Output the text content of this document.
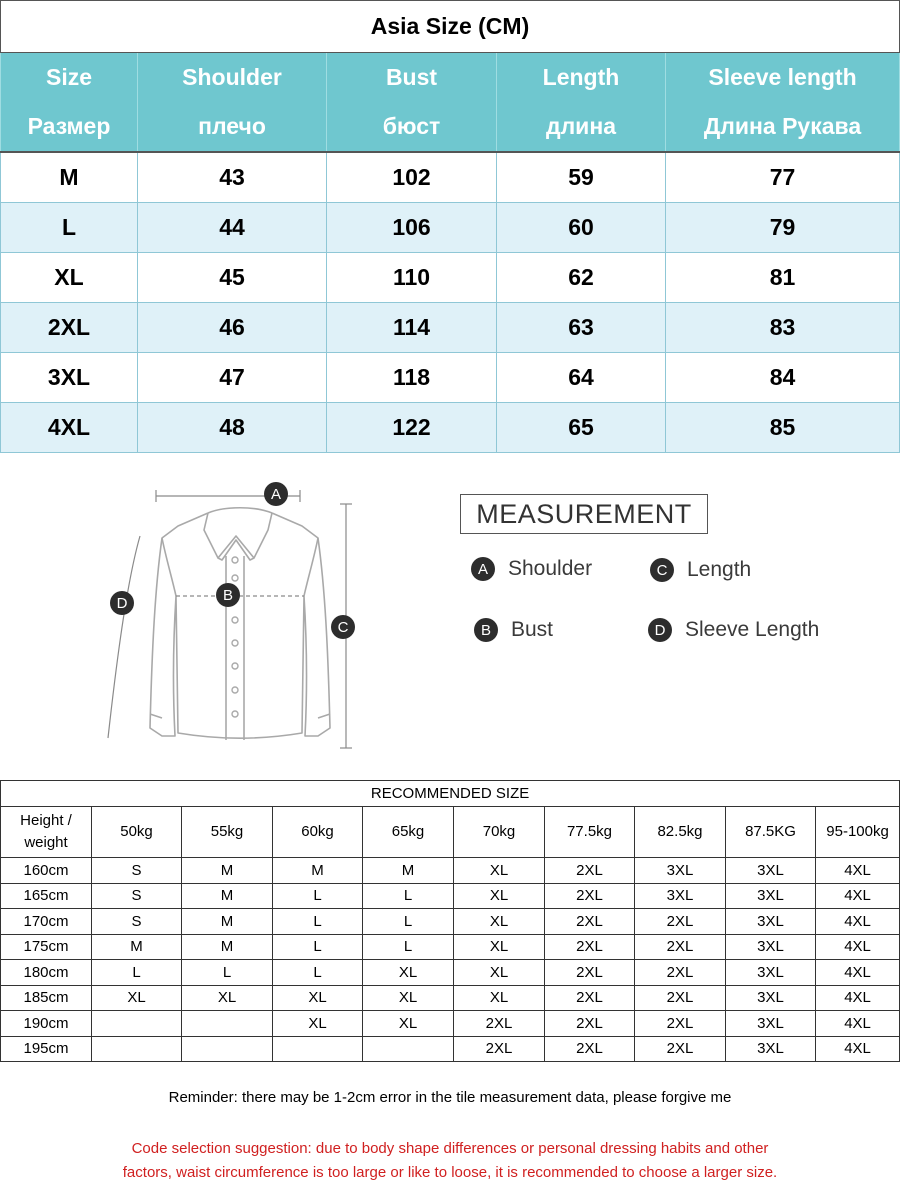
Asia Size (CM)				
Size	Shoulder	Bust	Length	Sleeve length
Размер	плечо	бюст	длина	Длина Рукава
M	43	102	59	77
L	44	106	60	79
XL	45	110	62	81
2XL	46	114	63	83
3XL	47	118	64	84
4XL	48	122	65	85
A
B
C
D
MEASUREMENT
A Shoulder	C Length
B Bust	D Sleeve Length
RECOMMENDED SIZE									
Height /
weight	50kg	55kg	60kg	65kg	70kg	77.5kg	82.5kg	87.5KG	95-100kg
160cm	S	M	M	M	XL	2XL	3XL	3XL	4XL
165cm	S	M	L	L	XL	2XL	3XL	3XL	4XL
170cm	S	M	L	L	XL	2XL	2XL	3XL	4XL
175cm	M	M	L	L	XL	2XL	2XL	3XL	4XL
180cm	L	L	L	XL	XL	2XL	2XL	3XL	4XL
185cm	XL	XL	XL	XL	XL	2XL	2XL	3XL	4XL
190cm			XL	XL	2XL	2XL	2XL	3XL	4XL
195cm					2XL	2XL	2XL	3XL	4XL
Reminder: there may be 1-2cm error in the tile measurement data, please forgive me
Code selection suggestion: due to body shape differences or personal dressing habits and other
factors, waist circumference is too large or like to loose, it is recommended to choose a larger size.
